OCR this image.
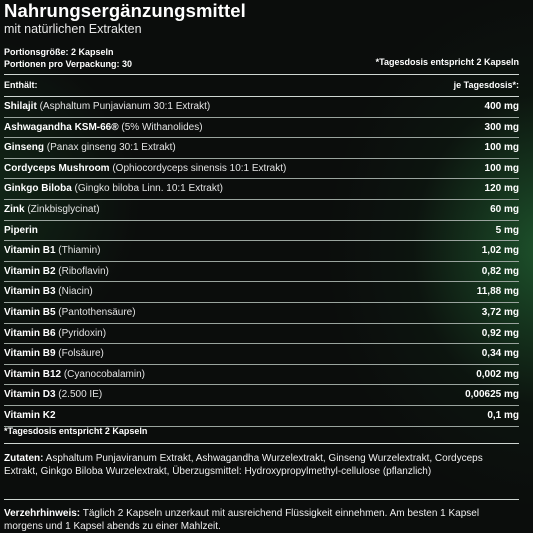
Nahrungsergänzungsmittel
mit natürlichen Extrakten
Portionsgröße: 2 Kapseln
Portionen pro Verpackung: 30	*Tagesdosis entspricht 2 Kapseln
Enthält:	je Tagesdosis*:
Shilajit (Asphaltum Punjavianum 30:1 Extrakt)	400 mg
Ashwagandha KSM-66® (5% Withanolides)	300 mg
Ginseng (Panax ginseng 30:1 Extrakt)	100 mg
Cordyceps Mushroom (Ophiocordyceps sinensis 10:1 Extrakt)	100 mg
Ginkgo Biloba (Gingko biloba Linn. 10:1 Extrakt)	120 mg
Zink (Zinkbisglycinat)	60 mg
Piperin	5 mg
Vitamin B1 (Thiamin)	1,02 mg
Vitamin B2 (Riboflavin)	0,82 mg
Vitamin B3 (Niacin)	11,88 mg
Vitamin B5 (Pantothensäure)	3,72 mg
Vitamin B6 (Pyridoxin)	0,92 mg
Vitamin B9 (Folsäure)	0,34 mg
Vitamin B12 (Cyanocobalamin)	0,002 mg
Vitamin D3 (2.500 IE)	0,00625 mg
Vitamin K2	0,1 mg
*Tagesdosis entspricht 2 Kapseln
Zutaten: Asphaltum Punjaviranum Extrakt, Ashwagandha Wurzelextrakt, Ginseng Wurzelextrakt, Cordyceps Extrakt, Ginkgo Biloba Wurzelextrakt, Überzugsmittel: Hydroxypropylmethyl-cellulose (pflanzlich)
Verzehrhinweis: Täglich 2 Kapseln unzerkaut mit ausreichend Flüssigkeit einnehmen. Am besten 1 Kapsel morgens und 1 Kapsel abends zu einer Mahlzeit.
